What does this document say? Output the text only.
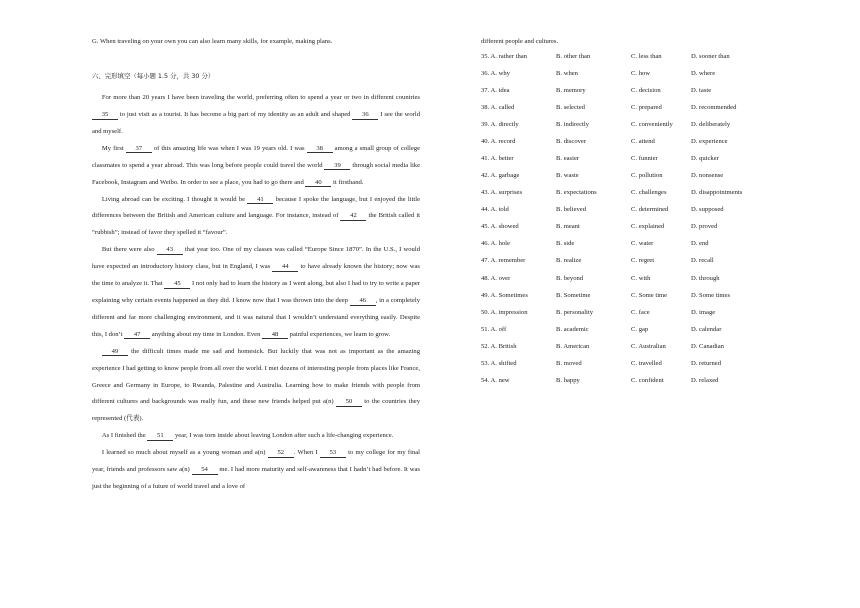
G. When traveling on your own you can also learn many skills, for example, making plans.
六、完形填空（每小题 1.5 分，共 30 分）
For more than 20 years I have been traveling the world, preferring often to spend a year or two in different countries 35 to just visit as a tourist. It has become a big part of my identity as an adult and shaped 36 I see the world and myself.
My first 37 of this amazing life was when I was 19 years old. I was 38 among a small group of college classmates to spend a year abroad. This was long before people could travel the world 39 through social media like Facebook, Instagram and Weibo. In order to see a place, you had to go there and 40 it firsthand.
Living abroad can be exciting. I thought it would be 41 because I spoke the language, but I enjoyed the little differences between the British and American culture and language. For instance, instead of 42 the British called it “rubbish”; instead of favor they spelled it “favour”.
But there were also 43 that year too. One of my classes was called “Europe Since 1870”. In the U.S., I would have expected an introductory history class, but in England, I was 44 to have already known the history; now was the time to analyze it. That 45 I not only had to learn the history as I went along, but also I had to try to write a paper explaining why certain events happened as they did. I know now that I was thrown into the deep 46 , in a completely different and far more challenging environment, and it was natural that I wouldn’t understand everything easily. Despite this, I don’t 47 anything about my time in London. Even 48 painful experiences, we learn to grow.
49 the difficult times made me sad and homesick. But luckily that was not as important as the amazing experience I had getting to know people from all over the world. I met dozens of interesting people from places like France, Greece and Germany in Europe, to Rwanda, Palestine and Australia. Learning how to make friends with people from different cultures and backgrounds was really fun, and these new friends helped put a(n) 50 to the countries they represented (代表).
As I finished the 51 year, I was torn inside about leaving London after such a life-changing experience.
I learned so much about myself as a young woman and a(n) 52 . When I 53 to my college for my final year, friends and professors saw a(n) 54 me. I had more maturity and self-awareness that I hadn’t had before. It was just the beginning of a future of world travel and a love of
different people and cultures.
35. A. rather than	B. other than	C. less than	D. sooner than
36. A. why	B. when	C. how	D. where
37. A. idea	B. memory	C. decision	D. taste
38. A. called	B. selected	C. prepared	D. recommended
39. A. directly	B. indirectly	C. conveniently	D. deliberately
40. A. record	B. discover	C. attend	D. experience
41. A. better	B. easier	C. funnier	D. quicker
42. A. garbage	B. waste	C. pollution	D. nonsense
43. A. surprises	B. expectations	C. challenges	D. disappointments
44. A. told	B. believed	C. determined	D. supposed
45. A. showed	B. meant	C. explained	D. proved
46. A. hole	B. side	C. water	D. end
47. A. remember	B. realize	C. regret	D. recall
48. A. over	B. beyond	C. with	D. through
49. A. Sometimes	B. Sometime	C. Some time	D. Some times
50. A. impression	B. personality	C. face	D. image
51. A. off	B. academic	C. gap	D. calendar
52. A. British	B. American	C. Australian	D. Canadian
53. A. shifted	B. moved	C. travelled	D. returned
54. A. new	B. happy	C. confident	D. relaxed
